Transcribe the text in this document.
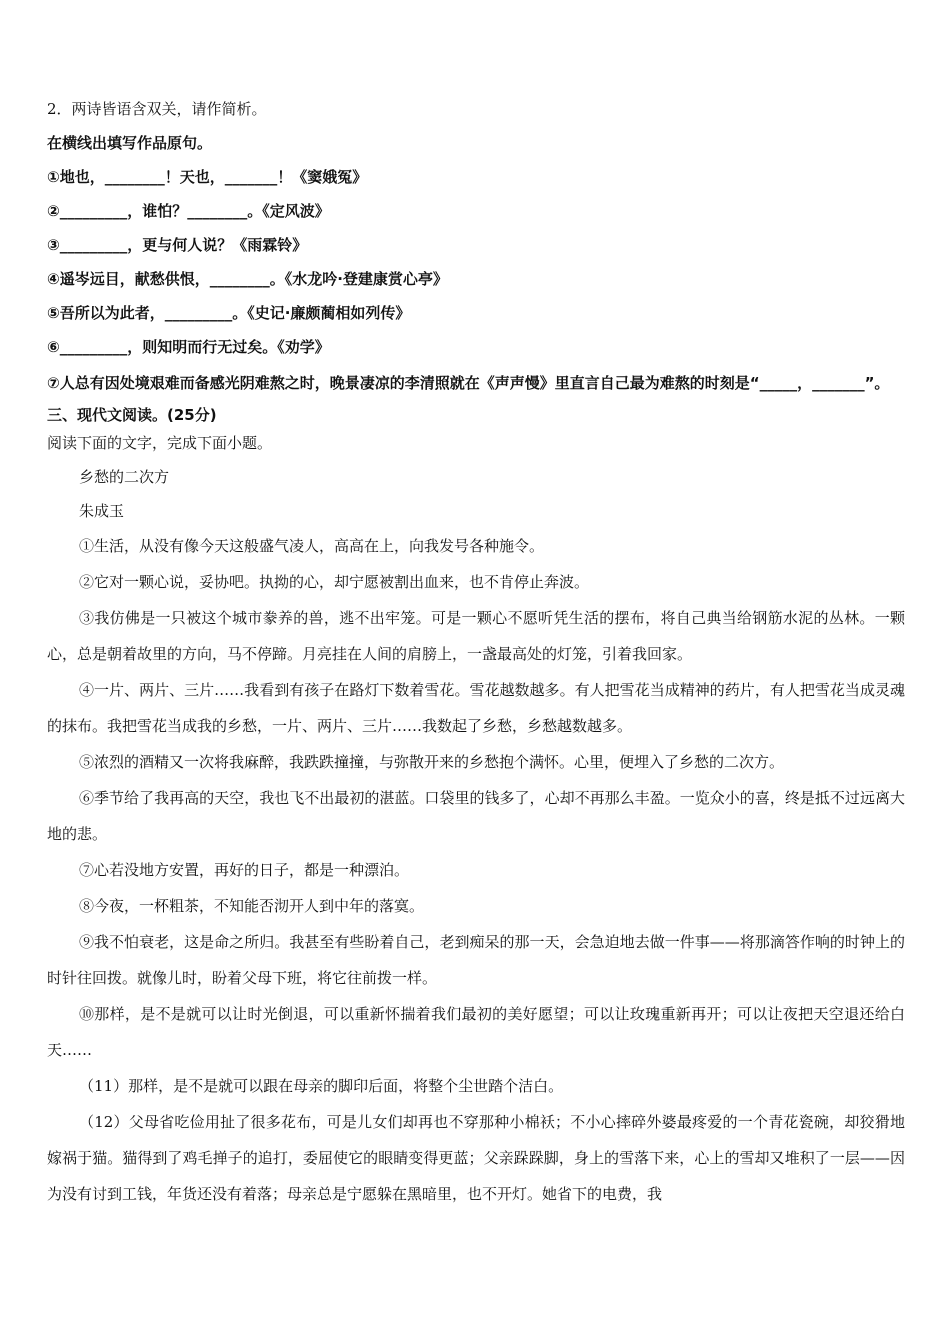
2．两诗皆语含双关，请作简析。
在横线出填写作品原句。
①地也，________！天也，_______！《窦娥冤》
②_________，谁怕？________。《定风波》
③_________，更与何人说？《雨霖铃》
④遥岑远目，献愁供恨，________。《水龙吟·登建康赏心亭》
⑤吾所以为此者，_________。《史记·廉颇蔺相如列传》
⑥_________，则知明而行无过矣。《劝学》

⑦人总有因处境艰难而备感光阴难熬之时，晚景凄凉的李清照就在《声声慢》里直言自己最为难熬的时刻是“_____，_______”。

三、现代文阅读。(25分)
阅读下面的文字，完成下面小题。
乡愁的二次方
朱成玉

①生活，从没有像今天这般盛气凌人，高高在上，向我发号各种施令。

②它对一颗心说，妥协吧。执拗的心，却宁愿被割出血来，也不肯停止奔波。

③我仿佛是一只被这个城市豢养的兽，逃不出牢笼。可是一颗心不愿听凭生活的摆布，将自己典当给钢筋水泥的丛林。一颗心，总是朝着故里的方向，马不停蹄。月亮挂在人间的肩膀上，一盏最高处的灯笼，引着我回家。

④一片、两片、三片……我看到有孩子在路灯下数着雪花。雪花越数越多。有人把雪花当成精神的药片，有人把雪花当成灵魂的抹布。我把雪花当成我的乡愁，一片、两片、三片……我数起了乡愁，乡愁越数越多。

⑤浓烈的酒精又一次将我麻醉，我跌跌撞撞，与弥散开来的乡愁抱个满怀。心里，便埋入了乡愁的二次方。

⑥季节给了我再高的天空，我也飞不出最初的湛蓝。口袋里的钱多了，心却不再那么丰盈。一览众小的喜，终是抵不过远离大地的悲。

⑦心若没地方安置，再好的日子，都是一种漂泊。

⑧今夜，一杯粗茶，不知能否沏开人到中年的落寞。

⑨我不怕衰老，这是命之所归。我甚至有些盼着自己，老到痴呆的那一天，会急迫地去做一件事——将那滴答作响的时钟上的时针往回拨。就像儿时，盼着父母下班，将它往前拨一样。

⑩那样，是不是就可以让时光倒退，可以重新怀揣着我们最初的美好愿望；可以让玫瑰重新再开；可以让夜把天空退还给白天……

（11）那样，是不是就可以跟在母亲的脚印后面，将整个尘世踏个洁白。

（12）父母省吃俭用扯了很多花布，可是儿女们却再也不穿那种小棉袄；不小心摔碎外婆最疼爱的一个青花瓷碗，却狡猾地嫁祸于猫。猫得到了鸡毛掸子的追打，委屈使它的眼睛变得更蓝；父亲跺跺脚，身上的雪落下来，心上的雪却又堆积了一层——因为没有讨到工钱，年货还没有着落；母亲总是宁愿躲在黑暗里，也不开灯。她省下的电费，我
